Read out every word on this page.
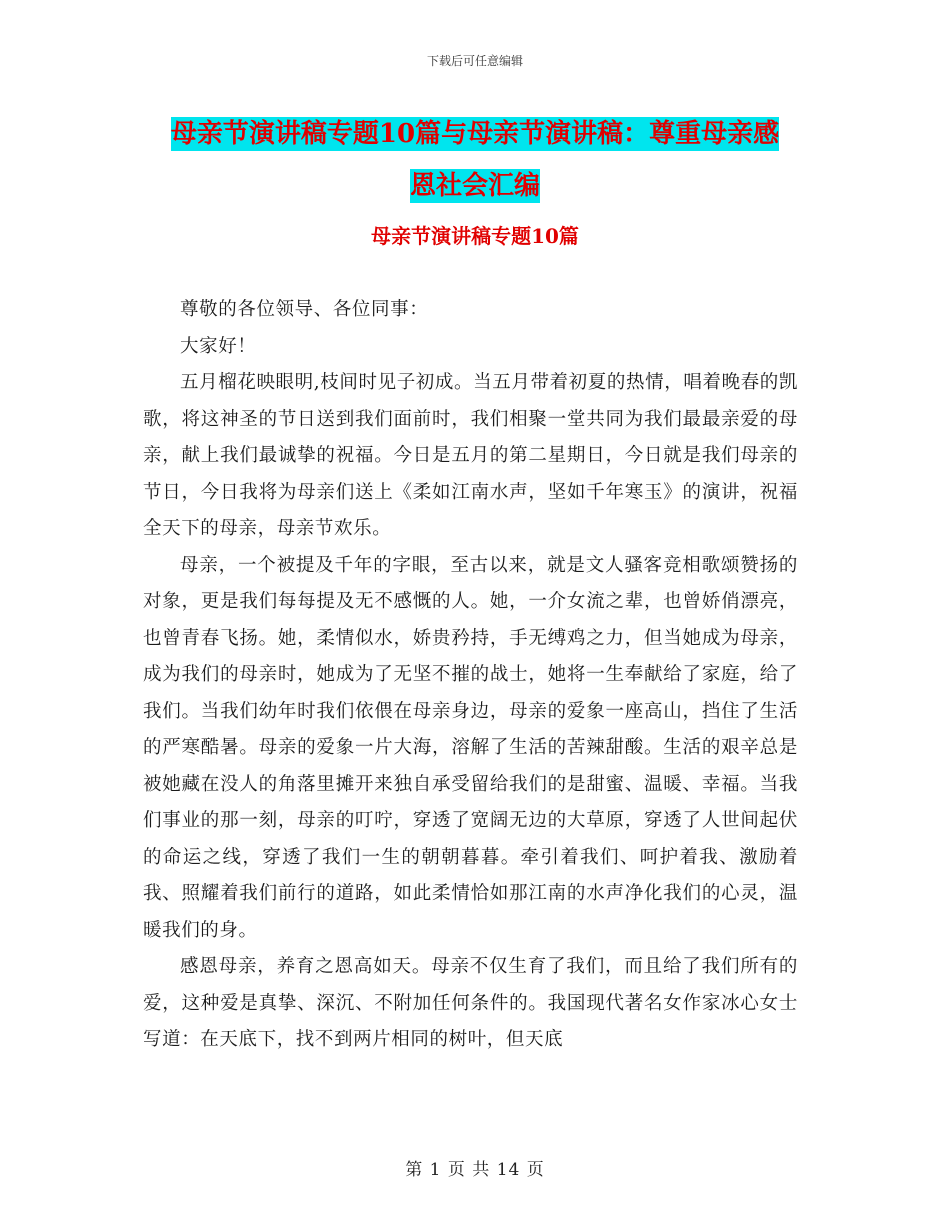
下载后可任意编辑
母亲节演讲稿专题10篇与母亲节演讲稿：尊重母亲感
恩社会汇编
母亲节演讲稿专题10篇

尊敬的各位领导、各位同事：

大家好！

五月榴花映眼明,枝间时见子初成。当五月带着初夏的热情，唱着晚春的凯歌，将这神圣的节日送到我们面前时，我们相聚一堂共同为我们最最亲爱的母亲，献上我们最诚挚的祝福。今日是五月的第二星期日，今日就是我们母亲的节日，今日我将为母亲们送上《柔如江南水声，坚如千年寒玉》的演讲，祝福全天下的母亲，母亲节欢乐。

母亲，一个被提及千年的字眼，至古以来，就是文人骚客竞相歌颂赞扬的对象，更是我们每每提及无不感慨的人。她，一介女流之辈，也曾娇俏漂亮，也曾青春飞扬。她，柔情似水，娇贵矜持，手无缚鸡之力，但当她成为母亲，成为我们的母亲时，她成为了无坚不摧的战士，她将一生奉献给了家庭，给了我们。当我们幼年时我们依偎在母亲身边，母亲的爱象一座高山，挡住了生活的严寒酷暑。母亲的爱象一片大海，溶解了生活的苦辣甜酸。生活的艰辛总是被她藏在没人的角落里摊开来独自承受留给我们的是甜蜜、温暖、幸福。当我们事业的那一刻，母亲的叮咛，穿透了宽阔无边的大草原，穿透了人世间起伏的命运之线，穿透了我们一生的朝朝暮暮。牵引着我们、呵护着我、激励着我、照耀着我们前行的道路，如此柔情恰如那江南的水声净化我们的心灵，温暖我们的身。

感恩母亲，养育之恩高如天。母亲不仅生育了我们，而且给了我们所有的爱，这种爱是真挚、深沉、不附加任何条件的。我国现代著名女作家冰心女士写道：在天底下，找不到两片相同的树叶，但天底

第 1 页 共 14 页
